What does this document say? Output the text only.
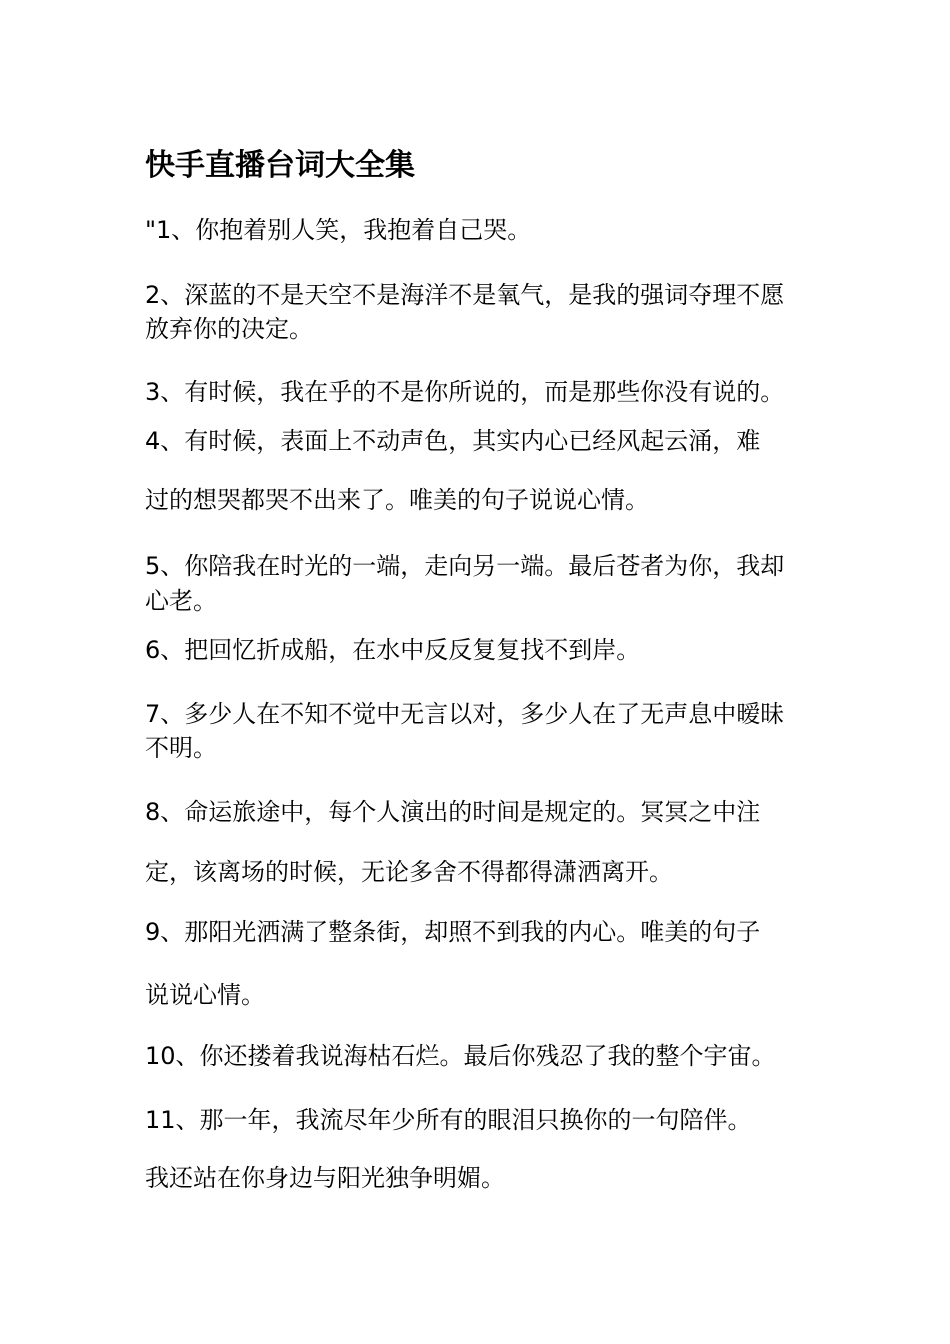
快手直播台词大全集
"1、你抱着别人笑，我抱着自己哭。
2、深蓝的不是天空不是海洋不是氧气，是我的强词夺理不愿
放弃你的决定。
3、有时候，我在乎的不是你所说的，而是那些你没有说的。
4、有时候，表面上不动声色，其实内心已经风起云涌，难
过的想哭都哭不出来了。唯美的句子说说心情。
5、你陪我在时光的一端，走向另一端。最后苍者为你，我却
心老。
6、把回忆折成船，在水中反反复复找不到岸。
7、多少人在不知不觉中无言以对，多少人在了无声息中暧昧
不明。
8、命运旅途中，每个人演出的时间是规定的。冥冥之中注
定，该离场的时候，无论多舍不得都得潇洒离开。
9、那阳光洒满了整条街，却照不到我的内心。唯美的句子
说说心情。
10、你还搂着我说海枯石烂。最后你残忍了我的整个宇宙。
11、那一年，我流尽年少所有的眼泪只换你的一句陪伴。
我还站在你身边与阳光独争明媚。
